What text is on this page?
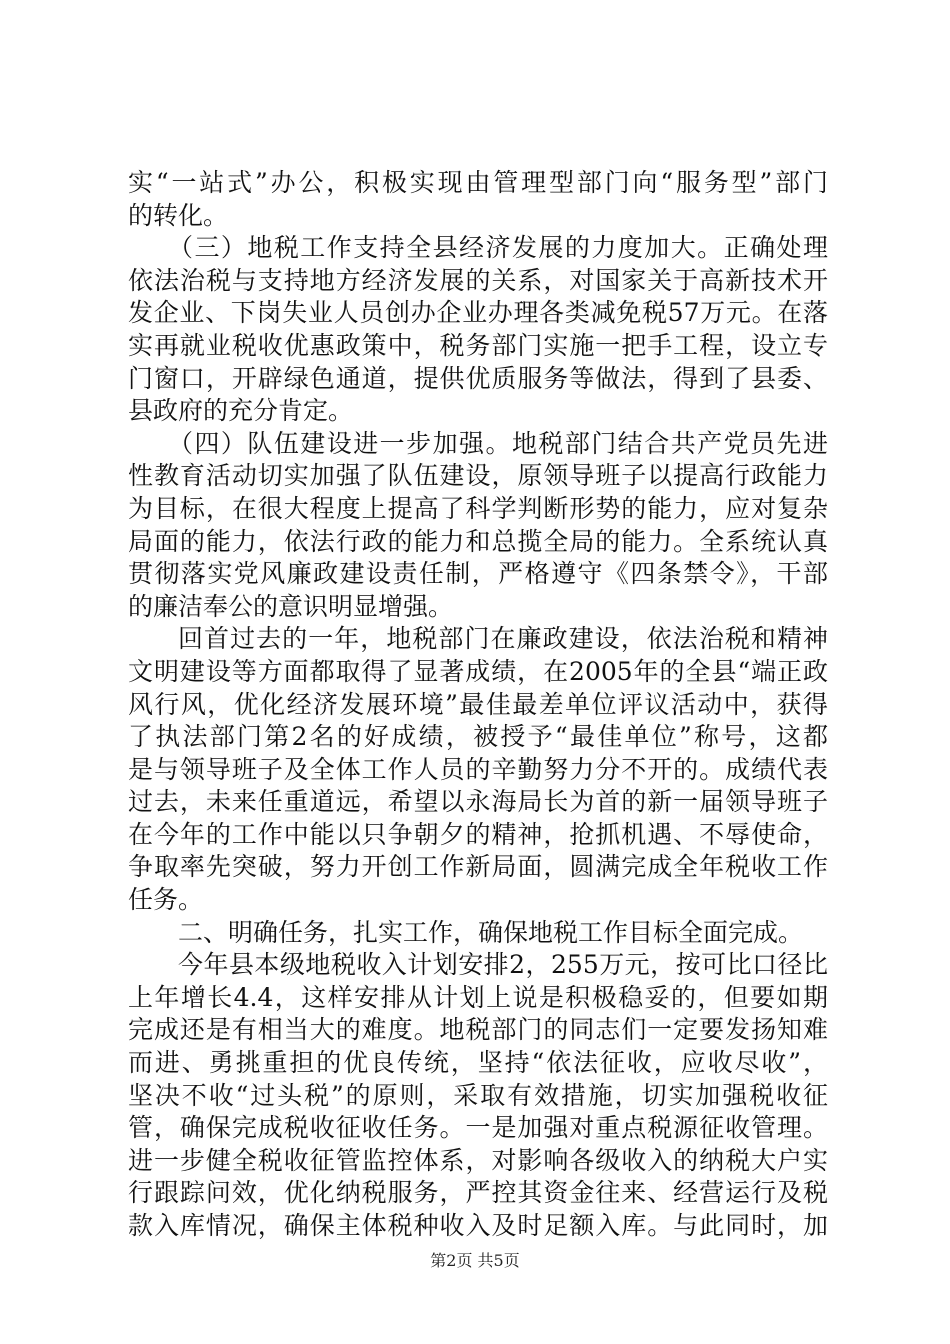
实“一站式”办公，积极实现由管理型部门向“服务型”部门
的转化。
（三）地税工作支持全县经济发展的力度加大。正确处理
依法治税与支持地方经济发展的关系，对国家关于高新技术开
发企业、下岗失业人员创办企业办理各类减免税57万元。在落
实再就业税收优惠政策中，税务部门实施一把手工程，设立专
门窗口，开辟绿色通道，提供优质服务等做法，得到了县委、
县政府的充分肯定。
（四）队伍建设进一步加强。地税部门结合共产党员先进
性教育活动切实加强了队伍建设，原领导班子以提高行政能力
为目标，在很大程度上提高了科学判断形势的能力，应对复杂
局面的能力，依法行政的能力和总揽全局的能力。全系统认真
贯彻落实党风廉政建设责任制，严格遵守《四条禁令》，干部
的廉洁奉公的意识明显增强。
回首过去的一年，地税部门在廉政建设，依法治税和精神
文明建设等方面都取得了显著成绩，在2005年的全县“端正政
风行风，优化经济发展环境”最佳最差单位评议活动中，获得
了执法部门第2名的好成绩，被授予“最佳单位”称号，这都
是与领导班子及全体工作人员的辛勤努力分不开的。成绩代表
过去，未来任重道远，希望以永海局长为首的新一届领导班子
在今年的工作中能以只争朝夕的精神，抢抓机遇、不辱使命，
争取率先突破，努力开创工作新局面，圆满完成全年税收工作
任务。
二、明确任务，扎实工作，确保地税工作目标全面完成。
今年县本级地税收入计划安排2，255万元，按可比口径比
上年增长4.4，这样安排从计划上说是积极稳妥的，但要如期
完成还是有相当大的难度。地税部门的同志们一定要发扬知难
而进、勇挑重担的优良传统，坚持“依法征收，应收尽收”，
坚决不收“过头税”的原则，采取有效措施，切实加强税收征
管，确保完成税收征收任务。一是加强对重点税源征收管理。
进一步健全税收征管监控体系，对影响各级收入的纳税大户实
行跟踪问效，优化纳税服务，严控其资金往来、经营运行及税
款入库情况，确保主体税种收入及时足额入库。与此同时，加
第2页 共5页
